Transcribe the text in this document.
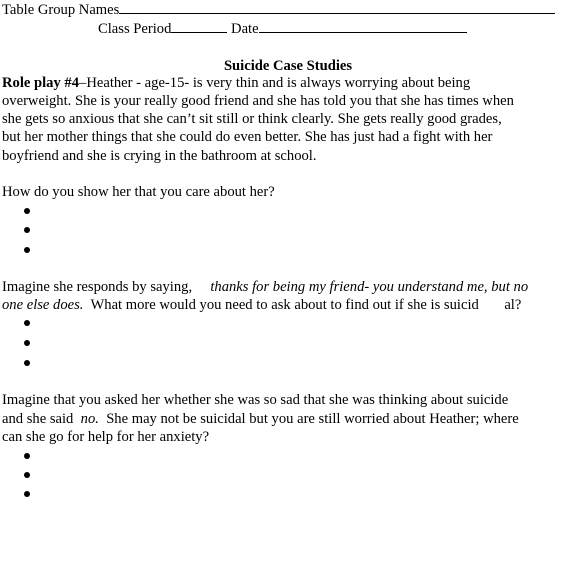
Table Group Names
Class Period	Date
Suicide Case Studies
Role play #4–Heather - age-15- is very thin and is always worrying about being
overweight. She is your really good friend and she has told you that she has times when
she gets so anxious that she can’t sit still or think clearly. She gets really good grades,
but her mother things that she could do even better. She has just had a fight with her
boyfriend and she is crying in the bathroom at school.
How do you show her that you care about her?
Imagine she responds by saying,     thanks for being my friend- you understand me, but no
one else does.  What more would you need to ask about to find out if she is suicid       al?
Imagine that you asked her whether she was so sad that she was thinking about suicide
and she said  no.  She may not be suicidal but you are still worried about Heather; where
can she go for help for her anxiety?
